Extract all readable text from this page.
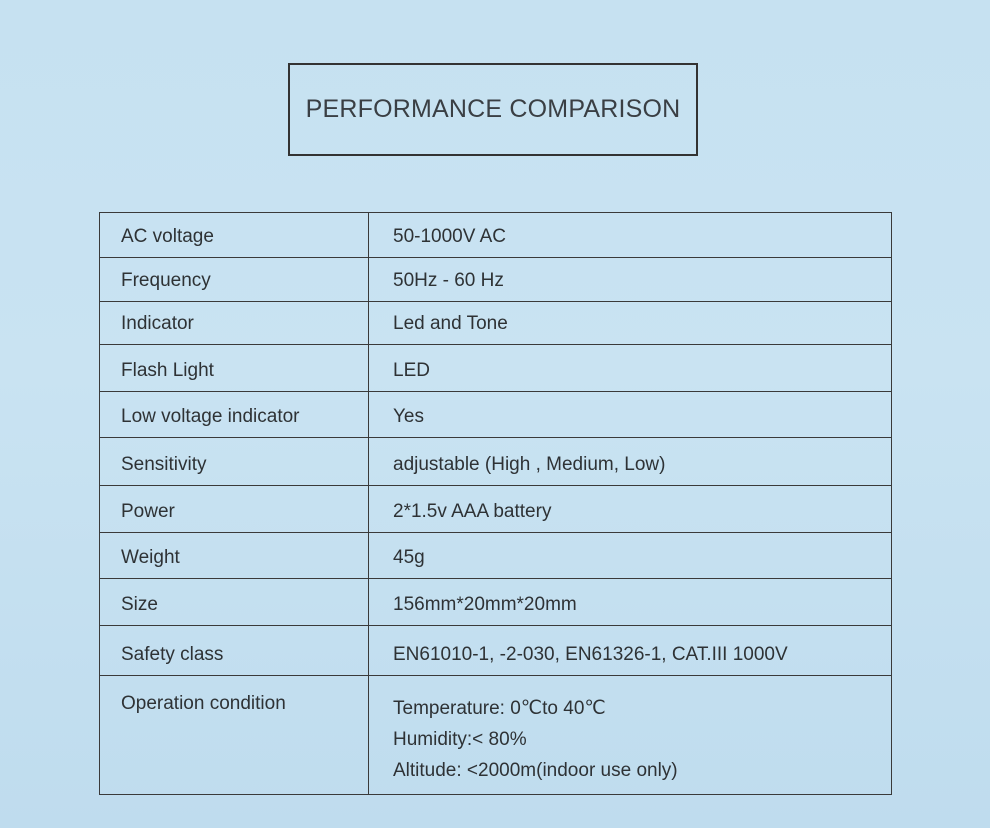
PERFORMANCE COMPARISON
AC voltage	50-1000V AC
Frequency	50Hz - 60 Hz
Indicator	Led and Tone
Flash Light	LED
Low voltage indicator	Yes
Sensitivity	adjustable (High , Medium, Low)
Power	2*1.5v AAA battery
Weight	45g
Size	156mm*20mm*20mm
Safety class	EN61010-1, -2-030, EN61326-1, CAT.III 1000V
Operation condition	Temperature: 0℃to 40℃
Humidity:< 80%
Altitude: <2000m(indoor use only)
